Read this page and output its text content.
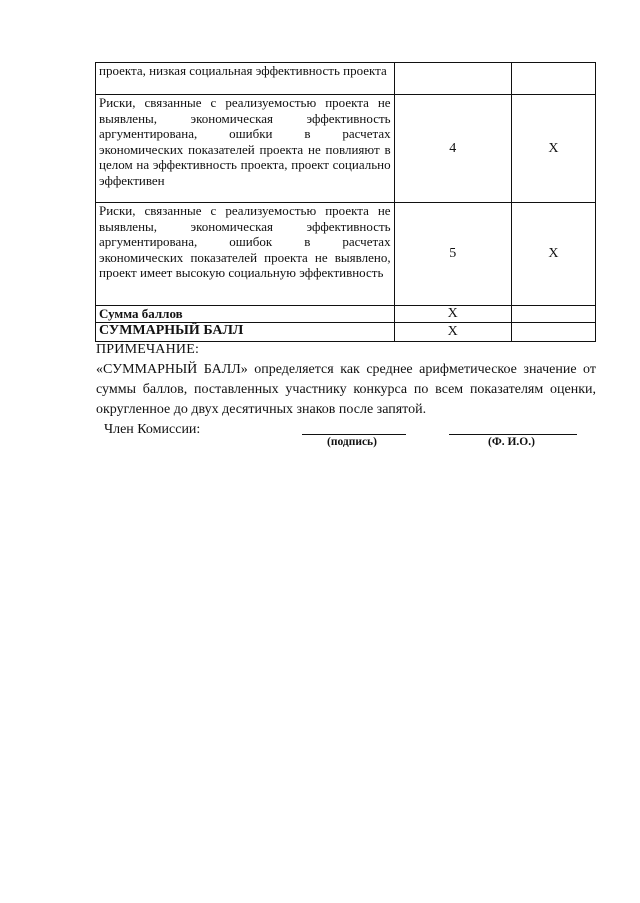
проекта, низкая социальная эффективность проекта		
Риски, связанные с реализуемостью проекта не выявлены, экономическая эффективность аргументирована, ошибки в расчетах экономических показателей проекта не повлияют в целом на эффективность проекта, проект социально эффективен	4	X
Риски, связанные с реализуемостью проекта не выявлены, экономическая эффективность аргументирована, ошибок в расчетах экономических показателей проекта не выявлено, проект имеет высокую социальную эффективность	5	X
Сумма баллов	X	
СУММАРНЫЙ БАЛЛ	X	
ПРИМЕЧАНИЕ:
«СУММАРНЫЙ БАЛЛ» определяется как среднее арифметическое значение от суммы баллов, поставленных участнику конкурса по всем показателям оценки, округленное до двух десятичных знаков после запятой.
Член Комиссии:
(подпись)	(Ф. И.О.)
